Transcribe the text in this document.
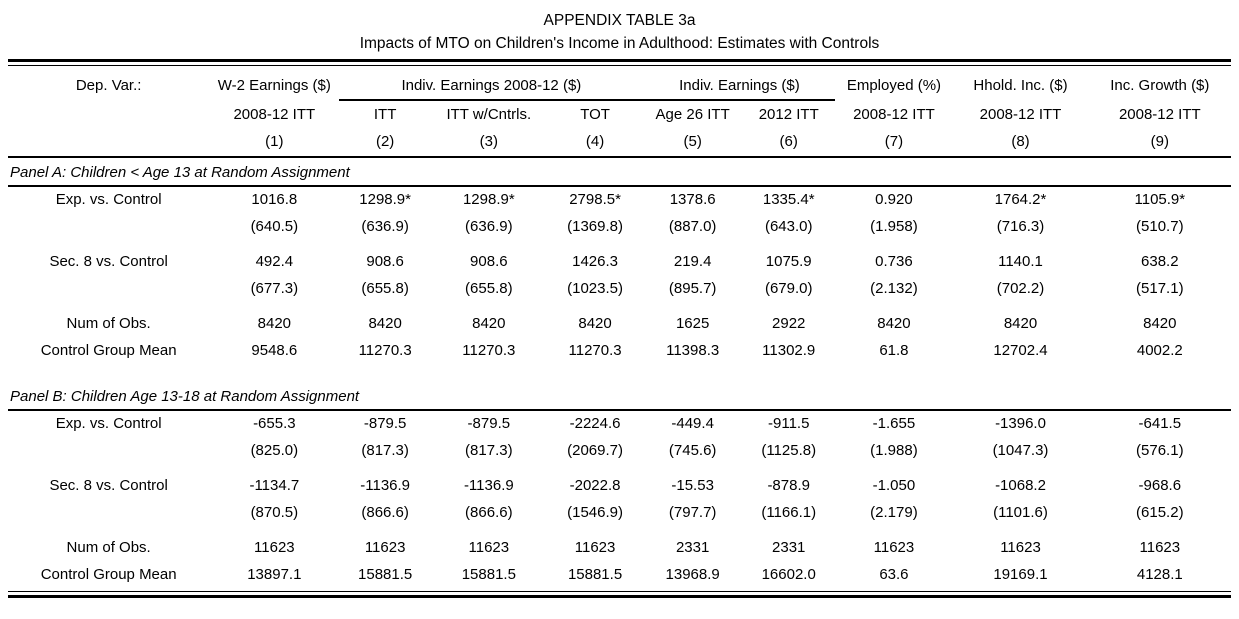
APPENDIX TABLE 3a
Impacts of MTO on Children's Income in Adulthood: Estimates with Controls
Dep. Var.:	W-2 Earnings ($)	Indiv. Earnings 2008-12 ($)			Indiv. Earnings ($)		Employed (%)	Hhold. Inc. ($)	Inc. Growth ($)
	2008-12 ITT	ITT	ITT w/Cntrls.	TOT	Age 26 ITT	2012 ITT	2008-12 ITT	2008-12 ITT	2008-12 ITT
	(1)	(2)	(3)	(4)	(5)	(6)	(7)	(8)	(9)
Panel A: Children < Age 13 at Random Assignment									
Exp. vs. Control	1016.8	1298.9*	1298.9*	2798.5*	1378.6	1335.4*	0.920	1764.2*	1105.9*
	(640.5)	(636.9)	(636.9)	(1369.8)	(887.0)	(643.0)	(1.958)	(716.3)	(510.7)

Sec. 8 vs. Control	492.4	908.6	908.6	1426.3	219.4	1075.9	0.736	1140.1	638.2
	(677.3)	(655.8)	(655.8)	(1023.5)	(895.7)	(679.0)	(2.132)	(702.2)	(517.1)

Num of Obs.	8420	8420	8420	8420	1625	2922	8420	8420	8420
Control Group Mean	9548.6	11270.3	11270.3	11270.3	11398.3	11302.9	61.8	12702.4	4002.2

Panel B: Children Age 13-18 at Random Assignment									
Exp. vs. Control	-655.3	-879.5	-879.5	-2224.6	-449.4	-911.5	-1.655	-1396.0	-641.5
	(825.0)	(817.3)	(817.3)	(2069.7)	(745.6)	(1125.8)	(1.988)	(1047.3)	(576.1)

Sec. 8 vs. Control	-1134.7	-1136.9	-1136.9	-2022.8	-15.53	-878.9	-1.050	-1068.2	-968.6
	(870.5)	(866.6)	(866.6)	(1546.9)	(797.7)	(1166.1)	(2.179)	(1101.6)	(615.2)

Num of Obs.	11623	11623	11623	11623	2331	2331	11623	11623	11623
Control Group Mean	13897.1	15881.5	15881.5	15881.5	13968.9	16602.0	63.6	19169.1	4128.1
